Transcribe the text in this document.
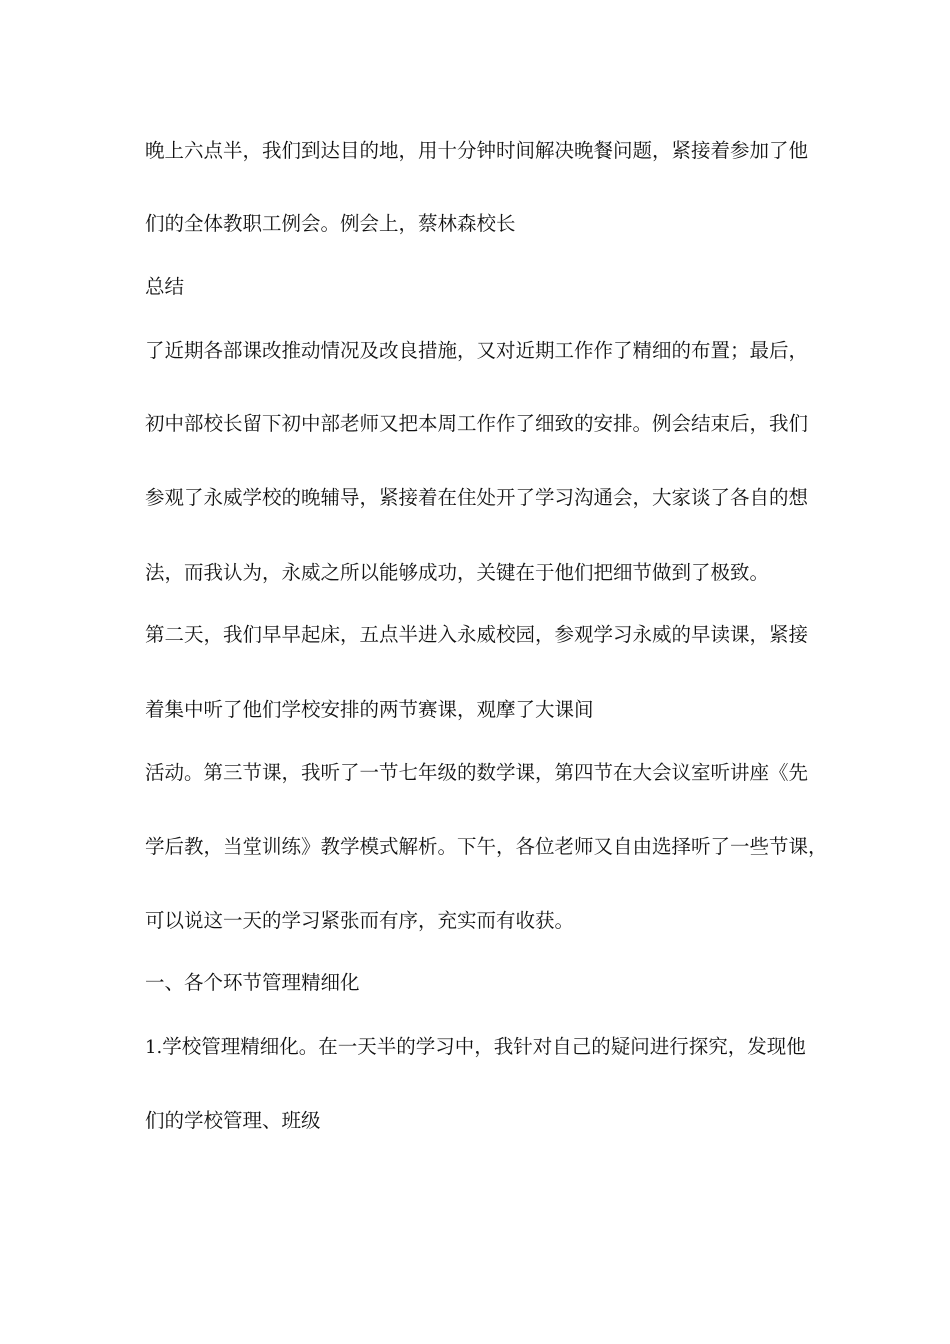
晚上六点半，我们到达目的地，用十分钟时间解决晚餐问题，紧接着参加了他
们的全体教职工例会。例会上，蔡林森校长
总结
了近期各部课改推动情况及改良措施，又对近期工作作了精细的布置；最后，
初中部校长留下初中部老师又把本周工作作了细致的安排。例会结束后，我们
参观了永威学校的晚辅导，紧接着在住处开了学习沟通会，大家谈了各自的想
法，而我认为，永威之所以能够成功，关键在于他们把细节做到了极致。
第二天，我们早早起床，五点半进入永威校园，参观学习永威的早读课，紧接
着集中听了他们学校安排的两节赛课，观摩了大课间
活动。第三节课，我听了一节七年级的数学课，第四节在大会议室听讲座《先
学后教，当堂训练》教学模式解析。下午，各位老师又自由选择听了一些节课，
可以说这一天的学习紧张而有序，充实而有收获。
一、各个环节管理精细化
1.学校管理精细化。在一天半的学习中，我针对自己的疑问进行探究，发现他
们的学校管理、班级
